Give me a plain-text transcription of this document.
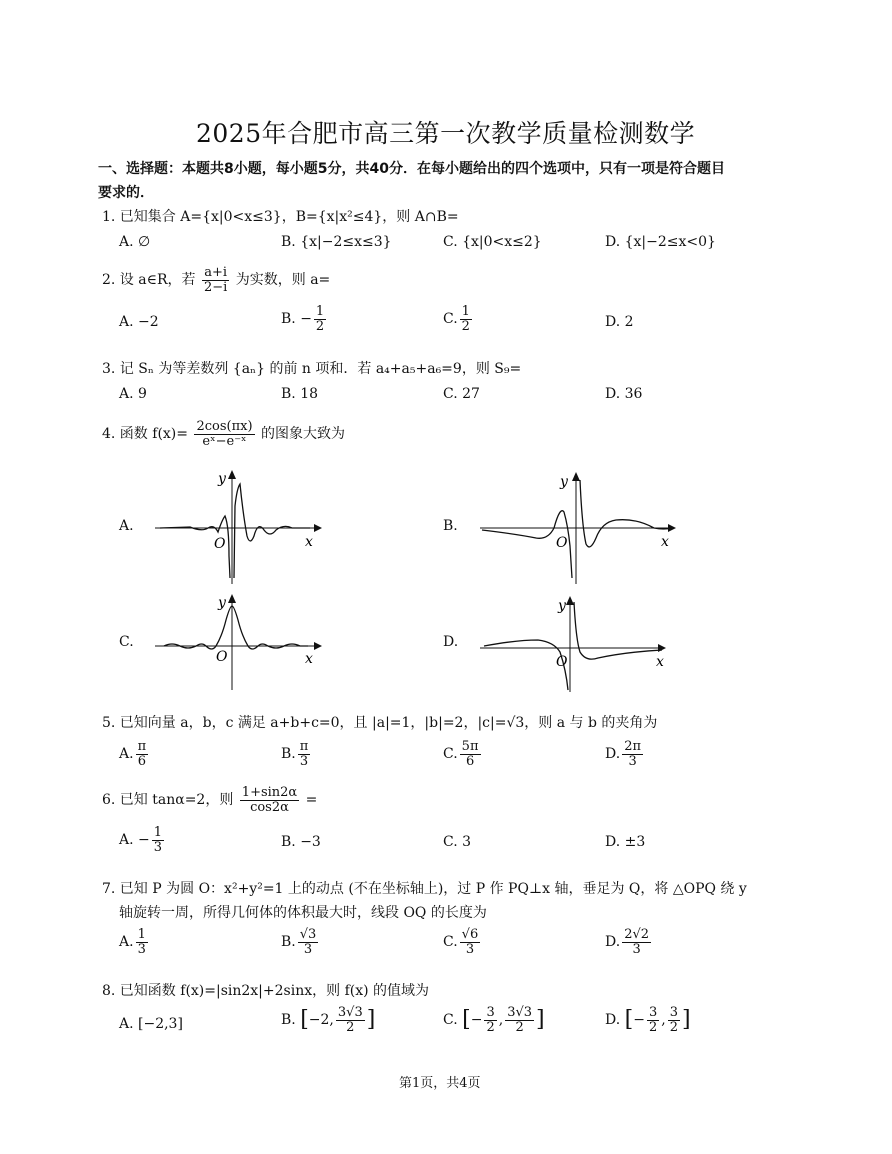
2025年合肥市高三第一次教学质量检测数学
一、选择题：本题共8小题，每小题5分，共40分．在每小题给出的四个选项中，只有一项是符合题目
要求的．
1. 已知集合 A={x|0<x≤3}，B={x|x²≤4}，则 A∩B=
A. ∅	B. {x|−2≤x≤3}	C. {x|0<x≤2}	D. {x|−2≤x<0}
2. 设 a∈R，若 $\frac{a+i}{2-i}$ 为实数，则 a=
A. −2	B. − $\frac{1}{2}$	C. $\frac{1}{2}$	D. 2
3. 记 Sₙ 为等差数列 {aₙ} 的前 n 项和．若 a₄+a₅+a₆=9，则 S₉=
A. 9	B. 18	C. 27	D. 36
4. 函数 $f(x)= \frac{2\cos(\pi x)}{\text{eˣ−e⁻ˣ}}$ 的图象大致为
A.	B.
C.	D.
y
x
O
y
x
O
y
x
O
y
x
O
5. 已知向量 a，b，c 满足 a+b+c=0，且 |a|=1，|b|=2，|c|=√3，则 a 与 b 的夹角为
A. $\frac{\pi}{6}$	B. $\frac{\pi}{3}$	C. $\frac{5\pi}{6}$	D. $\frac{2\pi}{3}$
6. 已知 tanα=2，则 $\frac{1+\sin 2\alpha}{\cos 2\alpha}$ =
A. − $\frac{1}{3}$	B. −3	C. 3	D. ±3
7. 已知 P 为圆 O：x²+y²=1 上的动点 (不在坐标轴上)，过 P 作 PQ⊥x 轴，垂足为 Q，将 △OPQ 绕 y
轴旋转一周，所得几何体的体积最大时，线段 OQ 的长度为
A. $\frac{1}{3}$	B. $\frac{√3}{3}$	C. $\frac{√6}{3}$	D. $\frac{2√2}{3}$
8. 已知函数 f(x)=|sin2x|+2sinx，则 f(x) 的值域为
A. [−2,3]	B. [−2, $\frac{3√3}{2}$ ]	C. [− $\frac{3}{2}$ , $\frac{3√3}{2}$ ]	D. [− $\frac{3}{2}$ , $\frac{3}{2}$ ]
第1页，共4页
